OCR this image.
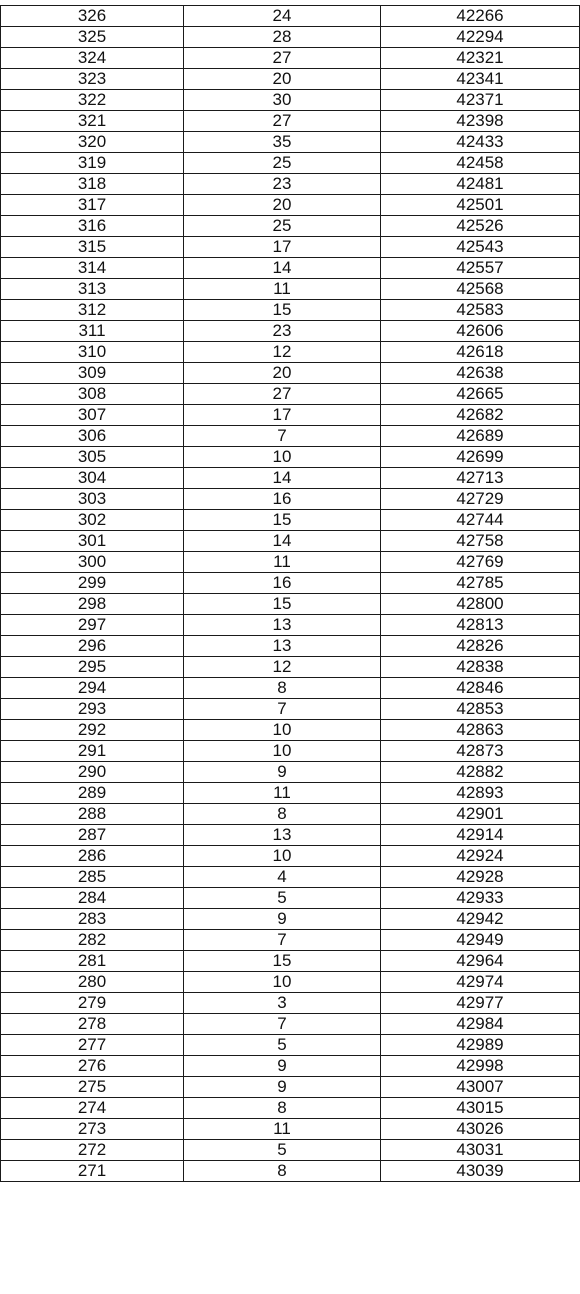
326	24	42266
325	28	42294
324	27	42321
323	20	42341
322	30	42371
321	27	42398
320	35	42433
319	25	42458
318	23	42481
317	20	42501
316	25	42526
315	17	42543
314	14	42557
313	11	42568
312	15	42583
311	23	42606
310	12	42618
309	20	42638
308	27	42665
307	17	42682
306	7	42689
305	10	42699
304	14	42713
303	16	42729
302	15	42744
301	14	42758
300	11	42769
299	16	42785
298	15	42800
297	13	42813
296	13	42826
295	12	42838
294	8	42846
293	7	42853
292	10	42863
291	10	42873
290	9	42882
289	11	42893
288	8	42901
287	13	42914
286	10	42924
285	4	42928
284	5	42933
283	9	42942
282	7	42949
281	15	42964
280	10	42974
279	3	42977
278	7	42984
277	5	42989
276	9	42998
275	9	43007
274	8	43015
273	11	43026
272	5	43031
271	8	43039
